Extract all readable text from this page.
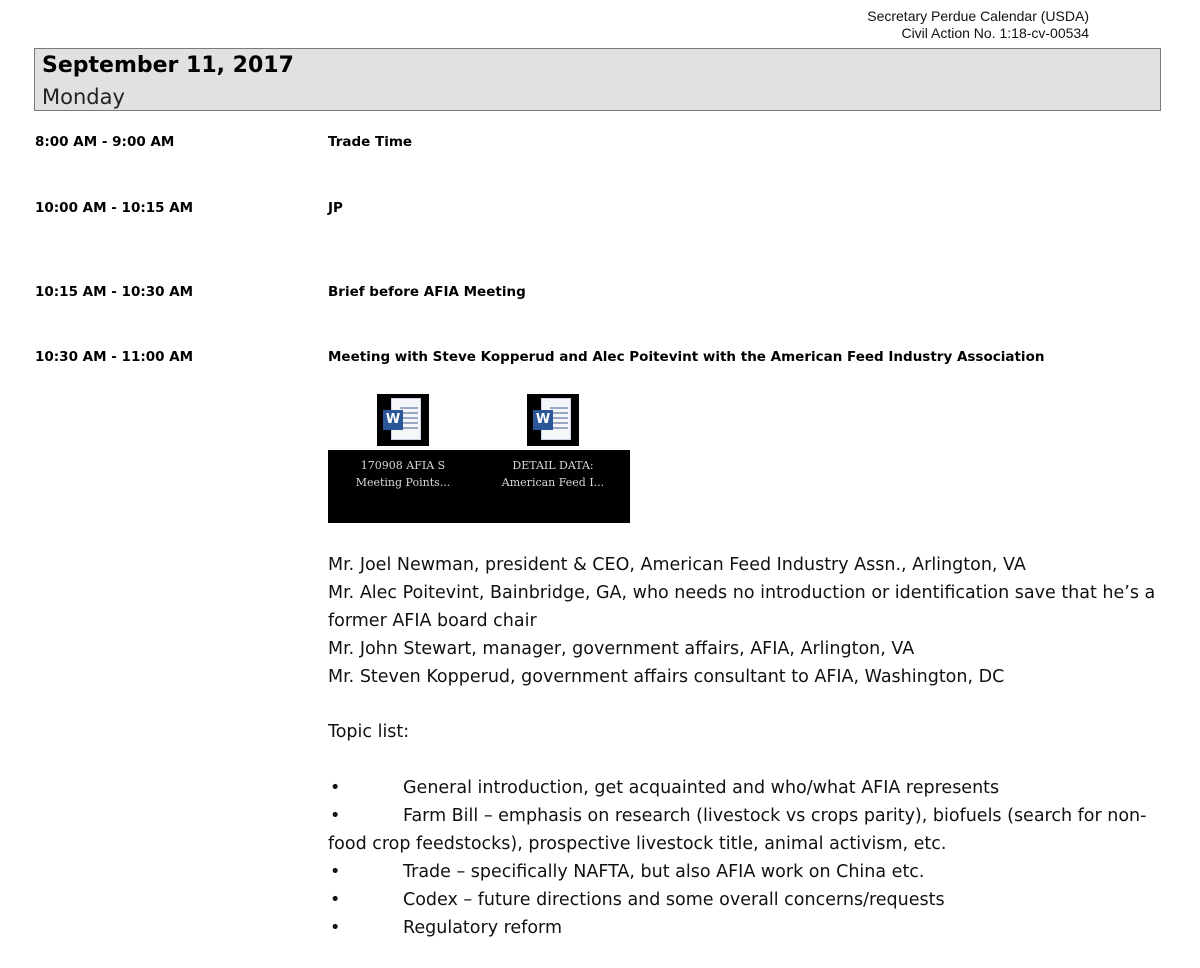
Secretary Perdue Calendar (USDA)
Civil Action No. 1:18-cv-00534
September 11, 2017
Monday
8:00 AM - 9:00 AM	Trade Time
10:00 AM - 10:15 AM	JP
10:15 AM - 10:30 AM	Brief before AFIA Meeting
10:30 AM - 11:00 AM	Meeting with Steve Kopperud and Alec Poitevint with the American Feed Industry Association
W	W
170908 AFIA S
Meeting Points...
DETAIL DATA:
American Feed I...
Mr. Joel Newman, president & CEO, American Feed Industry Assn., Arlington, VA
Mr. Alec Poitevint, Bainbridge, GA, who needs no introduction or identification save that he’s a former AFIA board chair
Mr. John Stewart, manager, government affairs, AFIA, Arlington, VA
Mr. Steven Kopperud, government affairs consultant to AFIA, Washington, DC
Topic list:
•	General introduction, get acquainted and who/what AFIA represents
•	Farm Bill – emphasis on research (livestock vs crops parity), biofuels (search for non-food crop feedstocks), prospective livestock title, animal activism, etc.
•	Trade – specifically NAFTA, but also AFIA work on China etc.
•	Codex – future directions and some overall concerns/requests
•	Regulatory reform
